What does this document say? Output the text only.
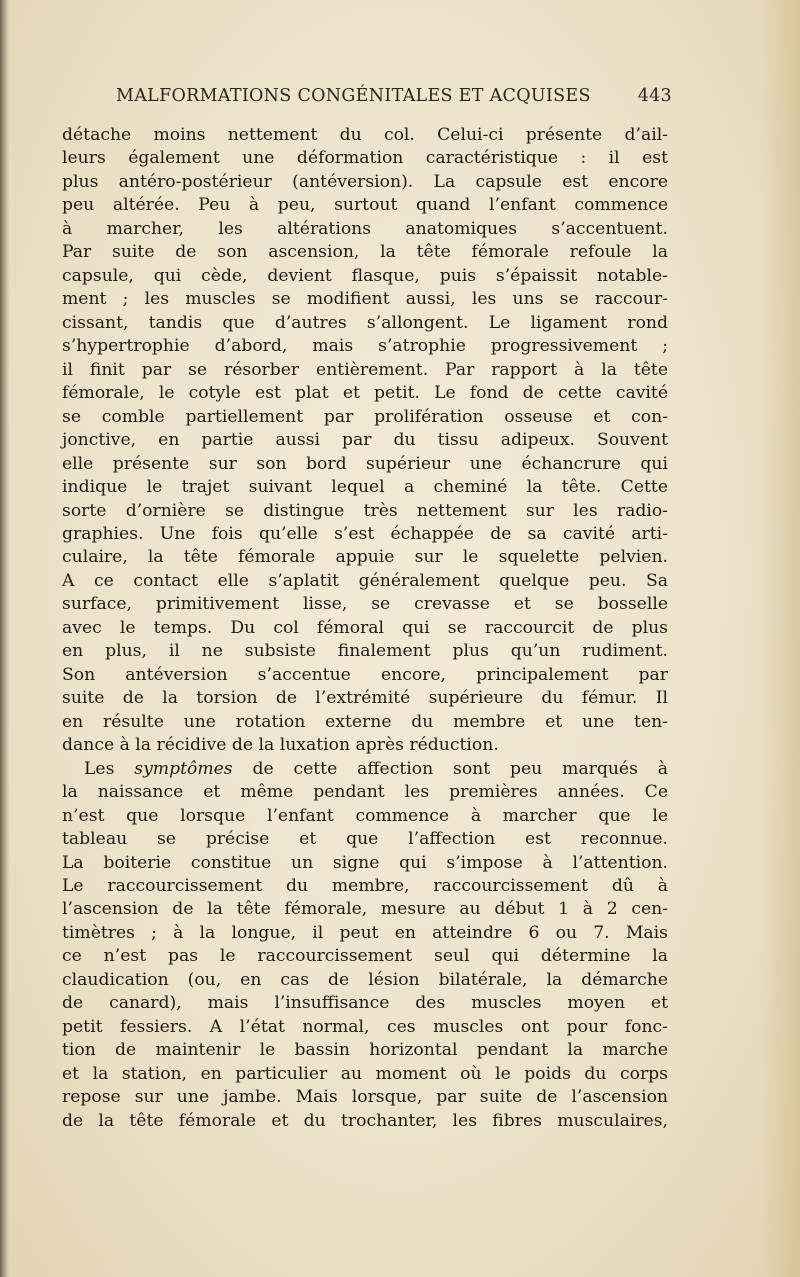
MALFORMATIONS CONGÉNITALES ET ACQUISES	443
détache moins nettement du col. Celui-ci présente d’ail-
leurs également une déformation caractéristique : il est
plus antéro-postérieur (antéversion). La capsule est encore
peu altérée. Peu à peu, surtout quand l’enfant commence
à marcher, les altérations anatomiques s’accentuent.
Par suite de son ascension, la tête fémorale refoule la
capsule, qui cède, devient flasque, puis s’épaissit notable-
ment ; les muscles se modifient aussi, les uns se raccour-
cissant, tandis que d’autres s’allongent. Le ligament rond
s’hypertrophie d’abord, mais s’atrophie progressivement ;
il finit par se résorber entièrement. Par rapport à la tête
fémorale, le cotyle est plat et petit. Le fond de cette cavité
se comble partiellement par prolifération osseuse et con-
jonctive, en partie aussi par du tissu adipeux. Souvent
elle présente sur son bord supérieur une échancrure qui
indique le trajet suivant lequel a cheminé la tête. Cette
sorte d’ornière se distingue très nettement sur les radio-
graphies. Une fois qu’elle s’est échappée de sa cavité arti-
culaire, la tête fémorale appuie sur le squelette pelvien.
A ce contact elle s’aplatit généralement quelque peu. Sa
surface, primitivement lisse, se crevasse et se bosselle
avec le temps. Du col fémoral qui se raccourcit de plus
en plus, il ne subsiste finalement plus qu’un rudiment.
Son antéversion s’accentue encore, principalement par
suite de la torsion de l’extrémité supérieure du fémur. Il
en résulte une rotation externe du membre et une ten-
dance à la récidive de la luxation après réduction.
Les symptômes de cette affection sont peu marqués à
la naissance et même pendant les premières années. Ce
n’est que lorsque l’enfant commence à marcher que le
tableau se précise et que l’affection est reconnue.
La boiterie constitue un signe qui s’impose à l’attention.
Le raccourcissement du membre, raccourcissement dû à
l’ascension de la tête fémorale, mesure au début 1 à 2 cen-
timètres ; à la longue, il peut en atteindre 6 ou 7. Mais
ce n’est pas le raccourcissement seul qui détermine la
claudication (ou, en cas de lésion bilatérale, la démarche
de canard), mais l’insuffisance des muscles moyen et
petit fessiers. A l’état normal, ces muscles ont pour fonc-
tion de maintenir le bassin horizontal pendant la marche
et la station, en particulier au moment où le poids du corps
repose sur une jambe. Mais lorsque, par suite de l’ascension
de la tête fémorale et du trochanter, les fibres musculaires,
